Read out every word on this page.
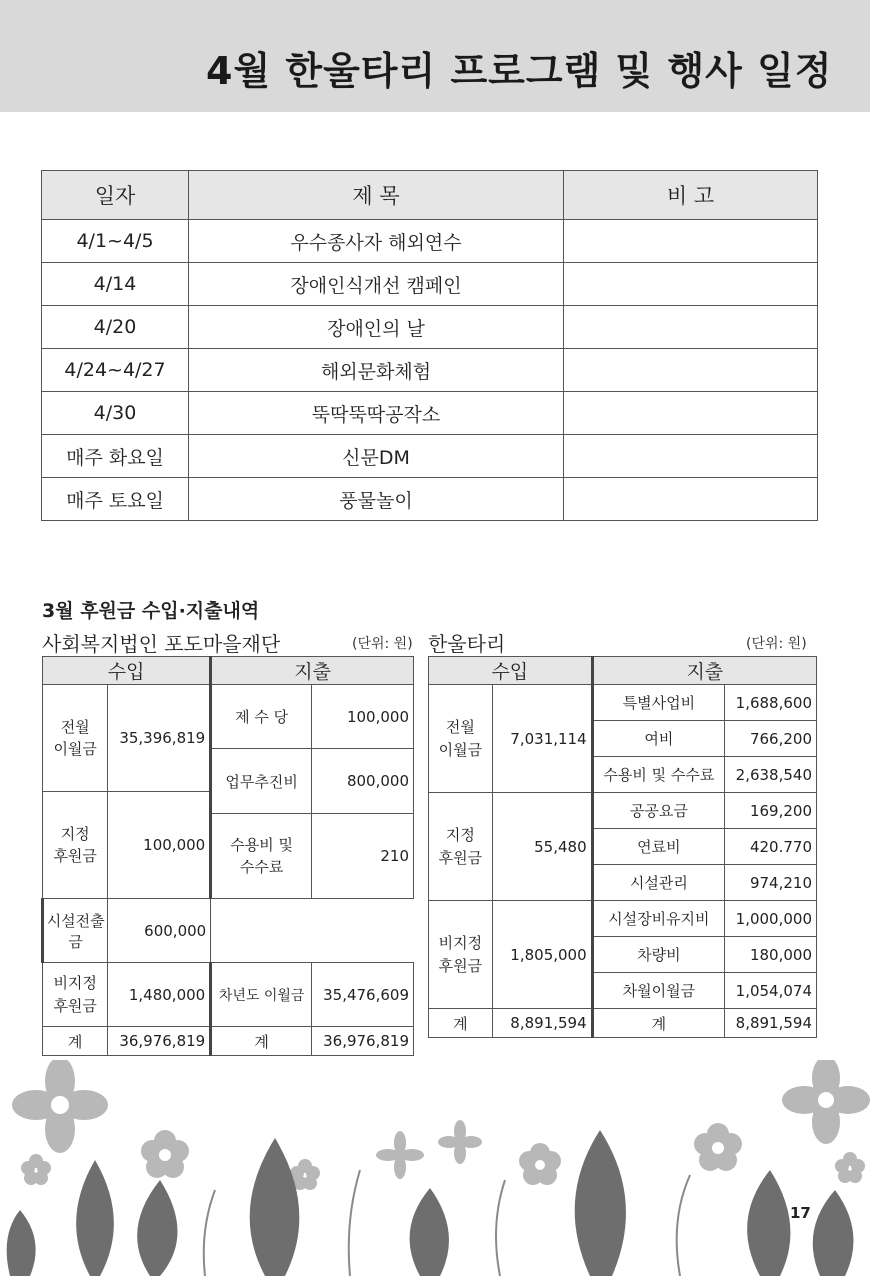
4월 한울타리 프로그램 및 행사 일정
일자	제 목	비 고
4/1~4/5	우수종사자 해외연수	
4/14	장애인식개선 캠페인	
4/20	장애인의 날	
4/24~4/27	해외문화체험	
4/30	뚝딱뚝딱공작소	
매주 화요일	신문DM	
매주 토요일	풍물놀이	
3월 후원금 수입·지출내역
사회복지법인 포도마을재단	(단위: 원) 한울타리	(단위: 원)
수입		지출	
전월
이월금	35,396,819	제 수 당	100,000
		업무추진비	800,000
지정
후원금	100,000		
		수용비 및
수수료	210
시설전출금	600,000		
비지정
후원금	1,480,000	차년도 이월금	35,476,609
계	36,976,819	계	36,976,819
수입		지출	
전월
이월금	7,031,114	특별사업비	1,688,600
		여비	766,200
		수용비 및 수수료	2,638,540
지정
후원금	55,480	공공요금	169,200
		연료비	420.770
		시설관리	974,210
비지정
후원금	1,805,000	시설장비유지비	1,000,000
		차량비	180,000
		차월이월금	1,054,074
계	8,891,594	계	8,891,594
17
